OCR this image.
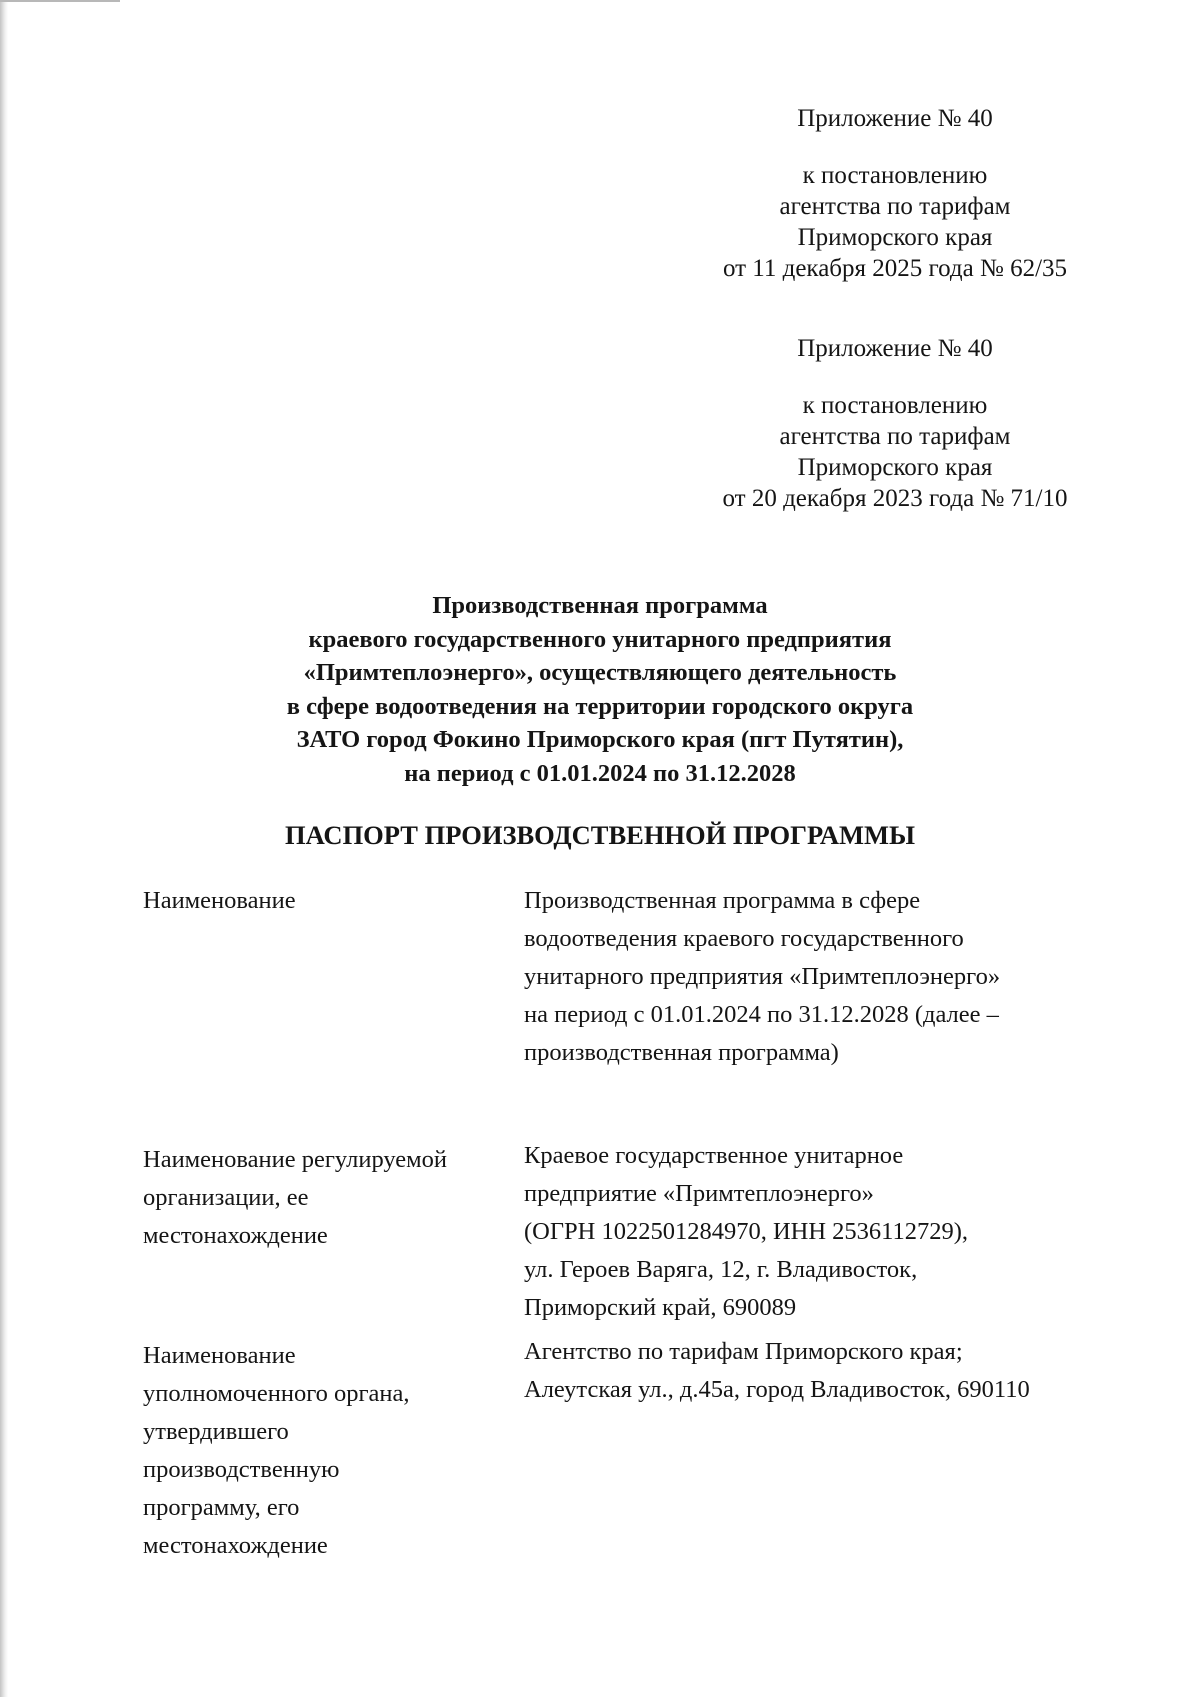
Приложение № 40

к постановлению

агентства по тарифам

Приморского края

от 11 декабря 2025 года № 62/35

Приложение № 40

к постановлению

агентства по тарифам

Приморского края

от 20 декабря 2023 года № 71/10

Производственная программа

краевого государственного унитарного предприятия

«Примтеплоэнерго», осуществляющего деятельность

в сфере водоотведения на территории городского округа

ЗАТО город Фокино Приморского края (пгт Путятин),

на период с 01.01.2024 по 31.12.2028

ПАСПОРТ ПРОИЗВОДСТВЕННОЙ ПРОГРАММЫ

Наименование	Производственная программа в сфере

водоотведения краевого государственного

унитарного предприятия «Примтеплоэнерго»

на период с 01.01.2024 по 31.12.2028 (далее –

производственная программа)

Наименование регулируемой

организации, ее

местонахождение

Краевое государственное унитарное

предприятие «Примтеплоэнерго»

(ОГРН 1022501284970, ИНН 2536112729),

ул. Героев Варяга, 12, г. Владивосток,

Приморский край, 690089

Наименование

уполномоченного органа,

утвердившего

производственную

программу, его

местонахождение

Агентство по тарифам Приморского края;

Алеутская ул., д.45а, город Владивосток, 690110
